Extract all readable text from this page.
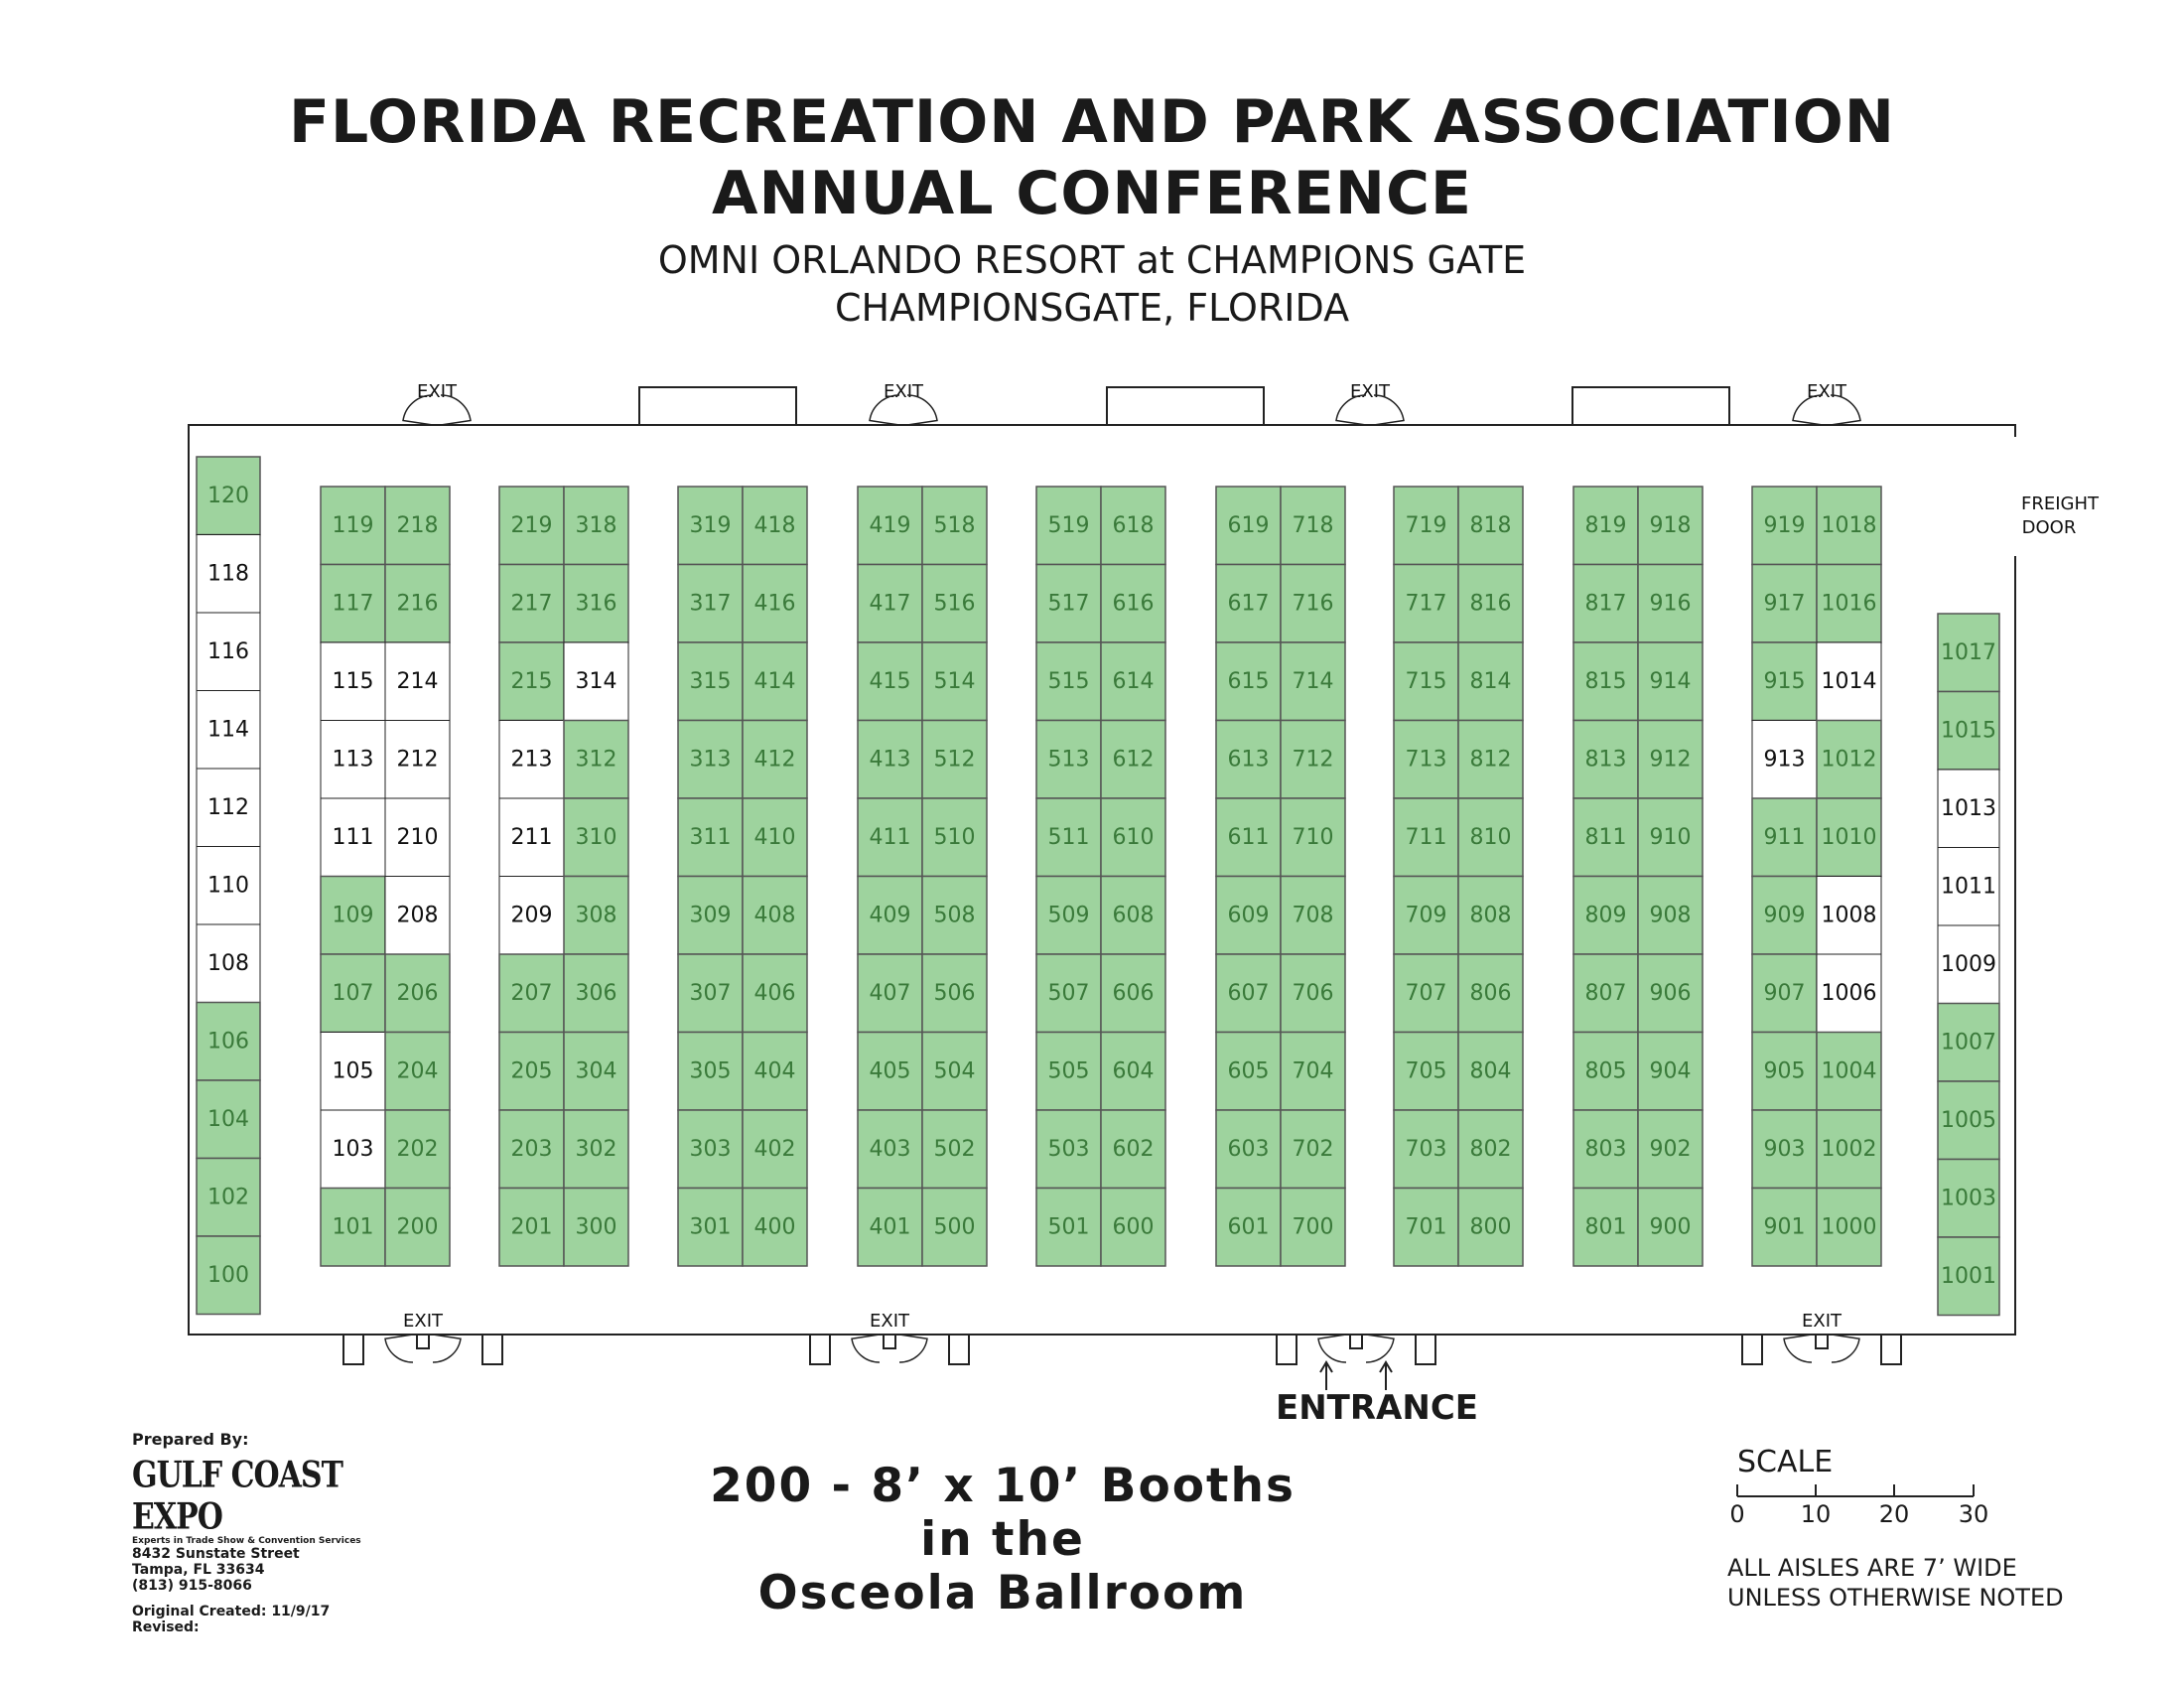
FLORIDA RECREATION AND PARK ASSOCIATION
ANNUAL CONFERENCE
OMNI ORLANDO RESORT at CHAMPIONS GATE
CHAMPIONSGATE, FLORIDA
120
118
116
114
112
110
108
106
104
102
100
119 218
117 216
115 214
113 212
111 210
109 208
107 206
105 204
103 202
101 200
219 318
217 316
215 314
213 312
211 310
209 308
207 306
205 304
203 302
201 300
319 418
317 416
315 414
313 412
311 410
309 408
307 406
305 404
303 402
301 400
419 518
417 516
415 514
413 512
411 510
409 508
407 506
405 504
403 502
401 500
519 618
517 616
515 614
513 612
511 610
509 608
507 606
505 604
503 602
501 600
619 718
617 716
615 714
613 712
611 710
609 708
607 706
605 704
603 702
601 700
719 818
717 816
715 814
713 812
711 810
709 808
707 806
705 804
703 802
701 800
819 918
817 916
815 914
813 912
811 910
809 908
807 906
805 904
803 902
801 900
919 1018
917 1016
915 1014
913 1012
911 1010
909 1008
907 1006
905 1004
903 1002
901 1000
1017
1015
1013
1011
1009
1007
1005
1003
1001
EXIT	EXIT	EXIT	EXIT
EXIT	EXIT	EXIT
FREIGHT
DOOR
ENTRANCE
Prepared By:
GULF COAST EXPO
Experts in Trade Show & Convention Services
8432 Sunstate Street
Tampa, FL 33634
(813) 915-8066
Original Created: 11/9/17
Revised:
200 - 8’ x 10’ Booths
in the
Osceola Ballroom
SCALE
0	10	20	30
ALL AISLES ARE 7’ WIDE
UNLESS OTHERWISE NOTED
